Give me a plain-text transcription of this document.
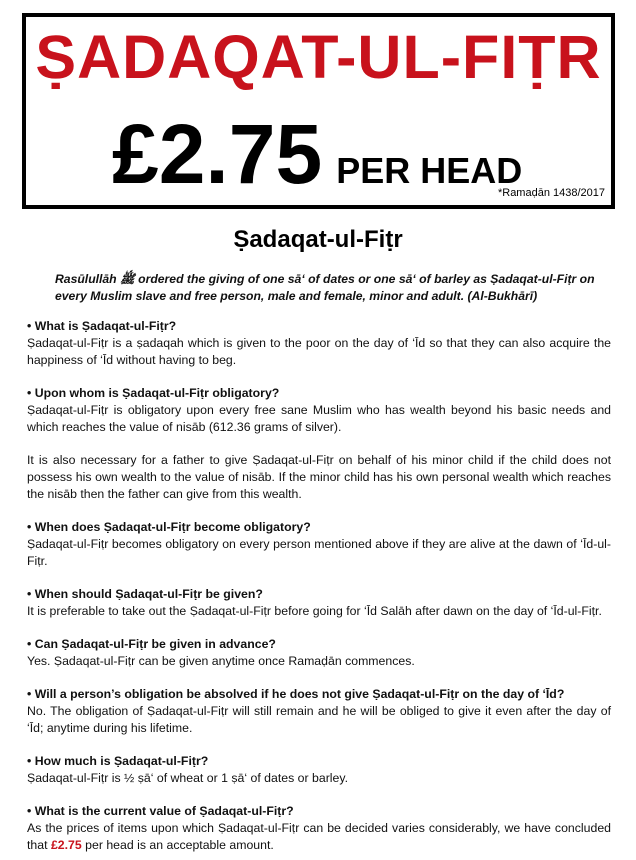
ṢADAQAT-UL-FIṬR
£2.75 PER HEAD
*Ramaḍān 1438/2017
Ṣadaqat-ul-Fiṭr
Rasūlullāh ﷺ ordered the giving of one sā‘ of dates or one sā‘ of barley as Ṣadaqat-ul-Fiṭr on every Muslim slave and free person, male and female, minor and adult. (Al-Bukhārī)

• What is Ṣadaqat-ul-Fiṭr?

Ṣadaqat-ul-Fiṭr is a ṣadaqah which is given to the poor on the day of ‘Īd so that they can also acquire the happiness of ‘Īd without having to beg.

• Upon whom is Ṣadaqat-ul-Fiṭr obligatory?

Ṣadaqat-ul-Fiṭr is obligatory upon every free sane Muslim who has wealth beyond his basic needs and which reaches the value of nisāb (612.36 grams of silver).

It is also necessary for a father to give Ṣadaqat-ul-Fiṭr on behalf of his minor child if the child does not possess his own wealth to the value of nisāb. If the minor child has his own personal wealth which reaches the nisāb then the father can give from this wealth.

• When does Ṣadaqat-ul-Fiṭr become obligatory?

Ṣadaqat-ul-Fiṭr becomes obligatory on every person mentioned above if they are alive at the dawn of ‘Īd-ul-Fiṭr.

• When should Ṣadaqat-ul-Fiṭr be given?

It is preferable to take out the Ṣadaqat-ul-Fiṭr before going for ‘Īd Salāh after dawn on the day of ‘Īd-ul-Fiṭr.

• Can Ṣadaqat-ul-Fiṭr be given in advance?

Yes. Ṣadaqat-ul-Fiṭr can be given anytime once Ramaḍān commences.

• Will a person’s obligation be absolved if he does not give Ṣadaqat-ul-Fiṭr on the day of ‘Īd?

No. The obligation of Ṣadaqat-ul-Fiṭr will still remain and he will be obliged to give it even after the day of ‘Īd; anytime during his lifetime.

• How much is Ṣadaqat-ul-Fiṭr?

Ṣadaqat-ul-Fiṭr is ½ ṣā‘ of wheat or 1 ṣā‘ of dates or barley.

• What is the current value of Ṣadaqat-ul-Fiṭr?

As the prices of items upon which Ṣadaqat-ul-Fiṭr can be decided varies considerably, we have concluded that £2.75 per head is an acceptable amount.
